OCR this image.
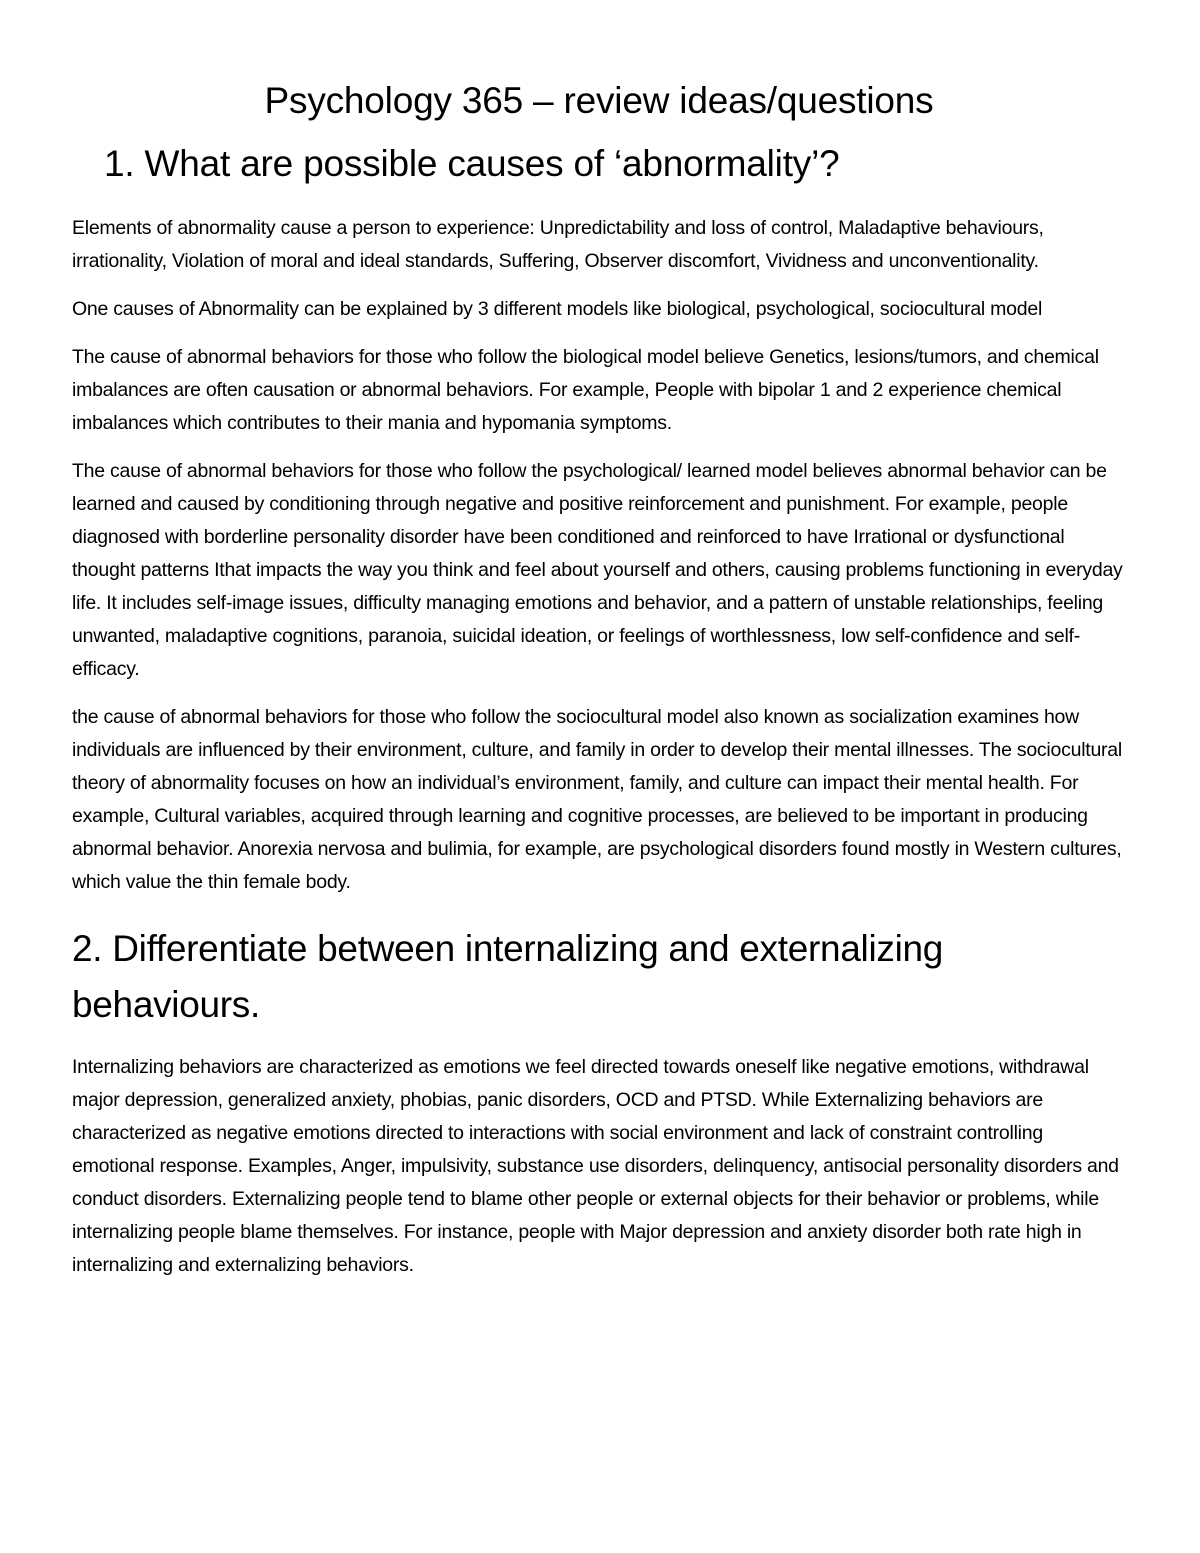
Psychology 365 – review ideas/questions
1. What are possible causes of ‘abnormality’?

Elements of abnormality cause a person to experience: Unpredictability and loss of control, Maladaptive behaviours, irrationality, Violation of moral and ideal standards, Suffering, Observer discomfort, Vividness and unconventionality.

One causes of Abnormality can be explained by 3 different models like biological, psychological, sociocultural model

The cause of abnormal behaviors for those who follow the biological model believe Genetics, lesions/tumors, and chemical imbalances are often causation or abnormal behaviors. For example, People with bipolar 1 and 2 experience chemical imbalances which contributes to their mania and hypomania symptoms.

The cause of abnormal behaviors for those who follow the psychological/ learned model believes abnormal behavior can be learned and caused by conditioning through negative and positive reinforcement and punishment. For example, people diagnosed with borderline personality disorder have been conditioned and reinforced to have Irrational or dysfunctional thought patterns Ithat impacts the way you think and feel about yourself and others, causing problems functioning in everyday life. It includes self-image issues, difficulty managing emotions and behavior, and a pattern of unstable relationships, feeling unwanted, maladaptive cognitions, paranoia, suicidal ideation, or feelings of worthlessness, low self-confidence and self-efficacy.

the cause of abnormal behaviors for those who follow the sociocultural model also known as socialization examines how individuals are influenced by their environment, culture, and family in order to develop their mental illnesses. The sociocultural theory of abnormality focuses on how an individual’s environment, family, and culture can impact their mental health. For example, Cultural variables, acquired through learning and cognitive processes, are believed to be important in producing abnormal behavior. Anorexia nervosa and bulimia, for example, are psychological disorders found mostly in Western cultures, which value the thin female body.

2. Differentiate between internalizing and externalizing behaviours.

Internalizing behaviors are characterized as emotions we feel directed towards oneself like negative emotions, withdrawal major depression, generalized anxiety, phobias, panic disorders, OCD and PTSD. While Externalizing behaviors are characterized as negative emotions directed to interactions with social environment and lack of constraint controlling emotional response. Examples, Anger, impulsivity, substance use disorders, delinquency, antisocial personality disorders and conduct disorders. Externalizing people tend to blame other people or external objects for their behavior or problems, while internalizing people blame themselves. For instance, people with Major depression and anxiety disorder both rate high in internalizing and externalizing behaviors.
